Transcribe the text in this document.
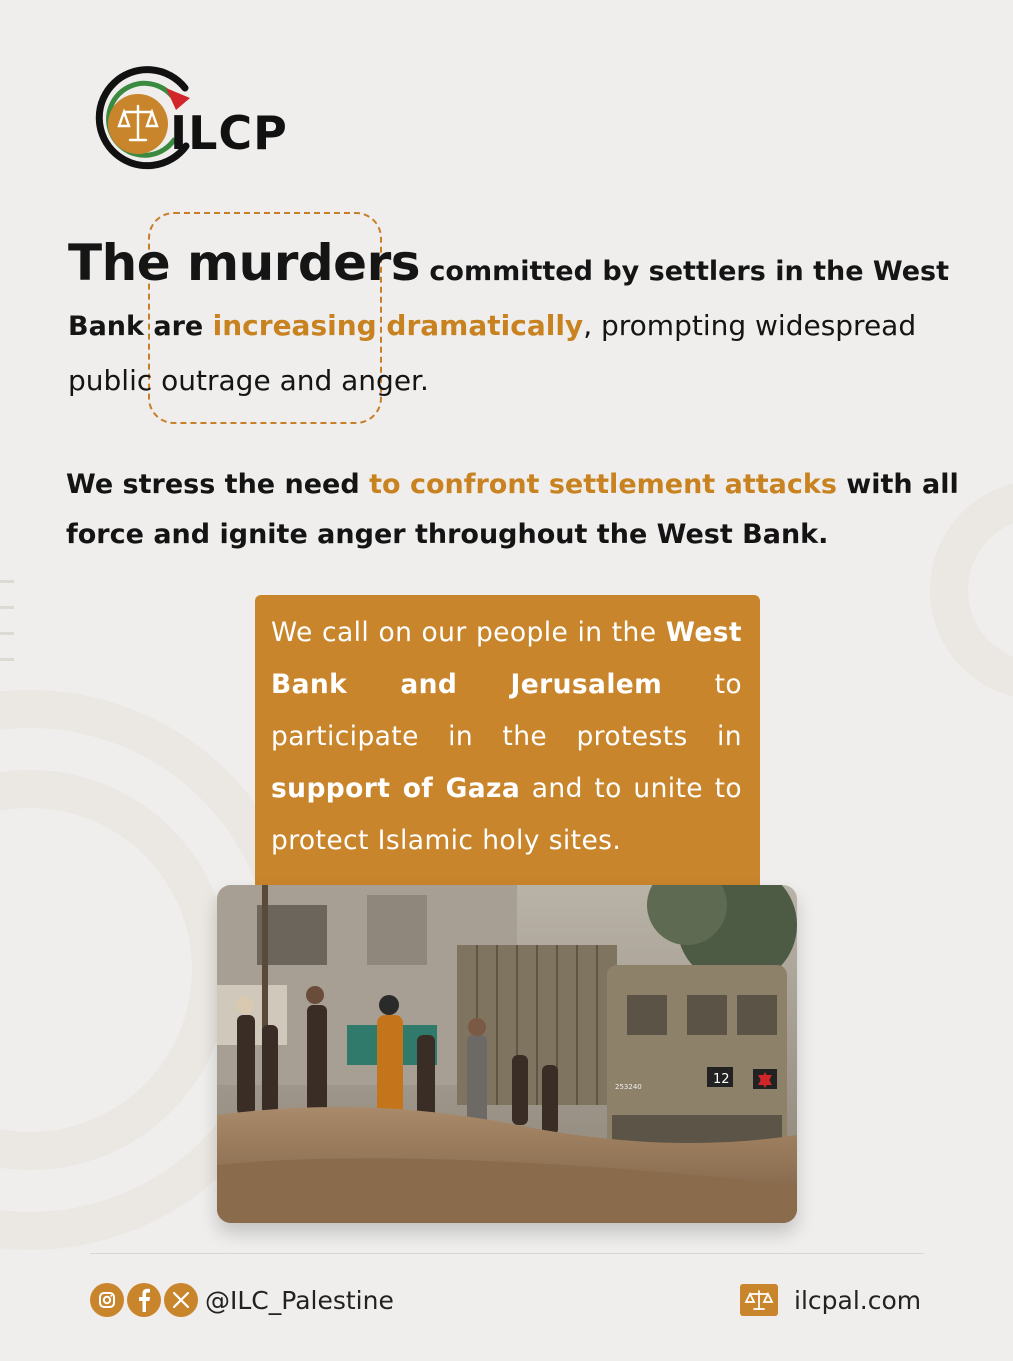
ILCP
The murders committed by settlers in the West
Bank are increasing dramatically, prompting widespread public outrage and anger.
We stress the need to confront settlement attacks with all force and ignite anger throughout the West Bank.
We call on our people in the West Bank and Jerusalem to participate in the protests in support of Gaza and to unite to protect Islamic holy sites.
12
253240
@ILC_Palestine	ilcpal.com
